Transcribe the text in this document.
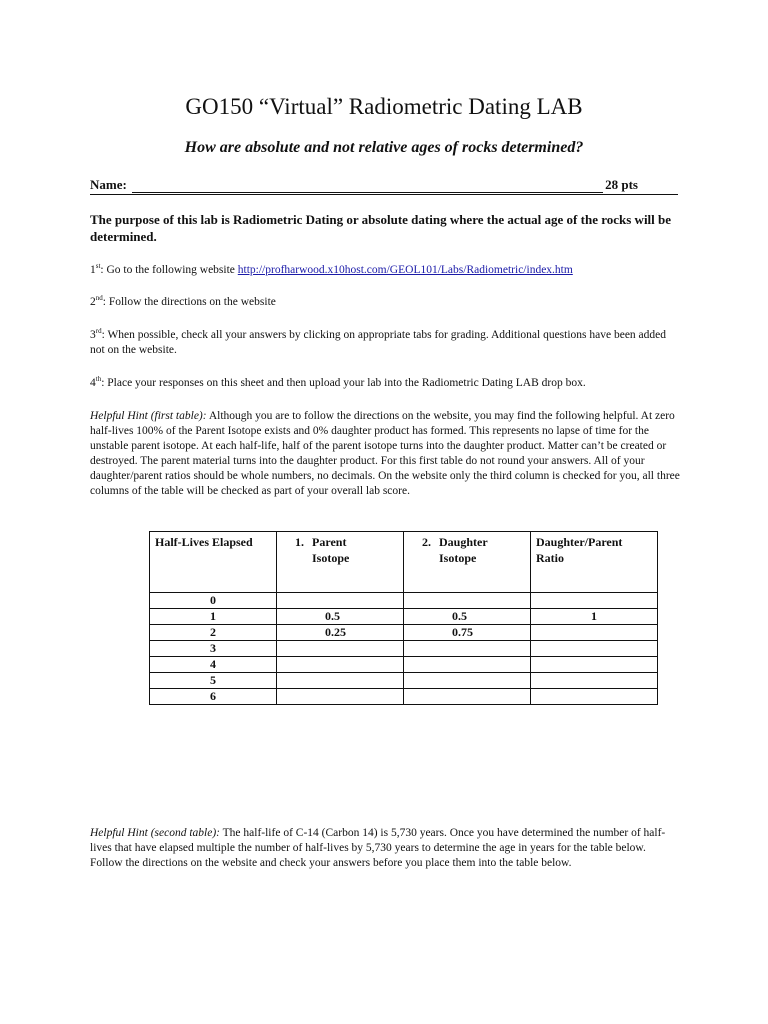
GO150 “Virtual” Radiometric Dating LAB
How are absolute and not relative ages of rocks determined?
Name:	28 pts
The purpose of this lab is Radiometric Dating or absolute dating where the actual age of the rocks will be determined.
1st: Go to the following website http://profharwood.x10host.com/GEOL101/Labs/Radiometric/index.htm
2nd: Follow the directions on the website
3rd: When possible, check all your answers by clicking on appropriate tabs for grading. Additional questions have been added not on the website.
4th: Place your responses on this sheet and then upload your lab into the Radiometric Dating LAB drop box.
Helpful Hint (first table): Although you are to follow the directions on the website, you may find the following helpful. At zero half-lives 100% of the Parent Isotope exists and 0% daughter product has formed. This represents no lapse of time for the unstable parent isotope. At each half-life, half of the parent isotope turns into the daughter product. Matter can’t be created or destroyed. The parent material turns into the daughter product. For this first table do not round your answers. All of your daughter/parent ratios should be whole numbers, no decimals. On the website only the third column is checked for you, all three columns of the table will be checked as part of your overall lab score.
Half-Lives Elapsed	1. Parent Isotope	2. Daughter Isotope	Daughter/Parent Ratio
0			
1	0.5	0.5	1
2	0.25	0.75	
3			
4			
5			
6			
Helpful Hint (second table): The half-life of C-14 (Carbon 14) is 5,730 years. Once you have determined the number of half-lives that have elapsed multiple the number of half-lives by 5,730 years to determine the age in years for the table below. Follow the directions on the website and check your answers before you place them into the table below.
